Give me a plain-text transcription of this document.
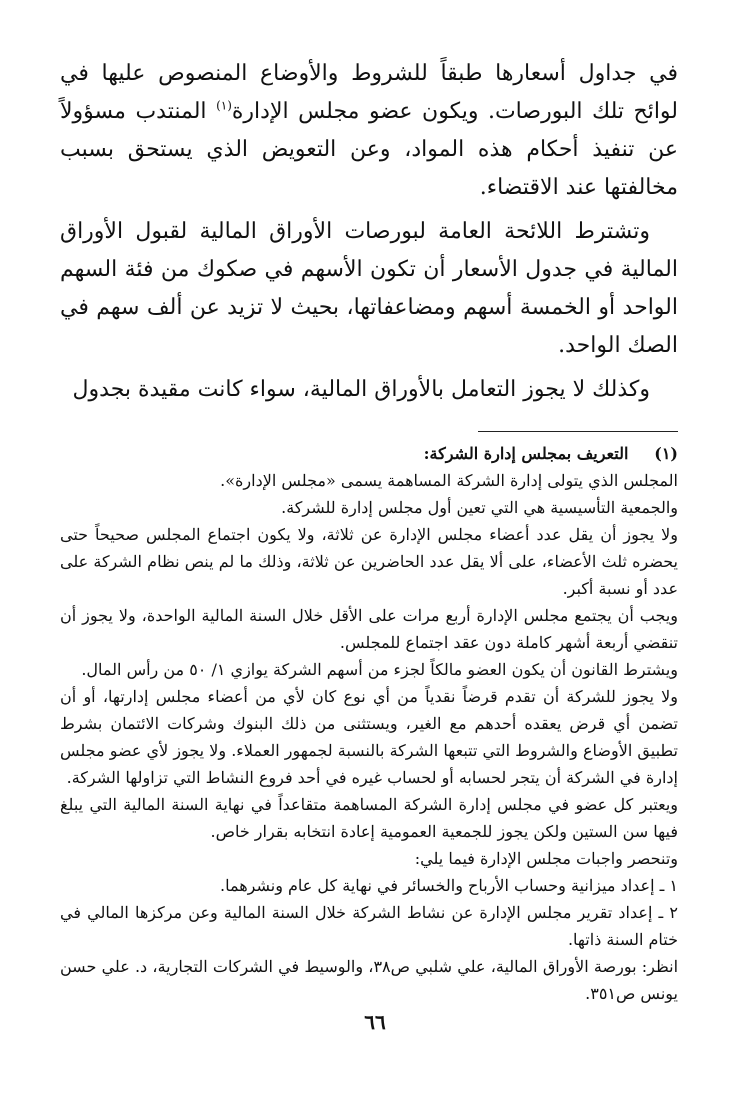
في جداول أسعارها طبقاً للشروط والأوضاع المنصوص عليها في لوائح تلك البورصات. ويكون عضو مجلس الإدارة$^{(١)}$ المنتدب مسؤولاً عن تنفيذ أحكام هذه المواد، وعن التعويض الذي يستحق بسبب مخالفتها عند الاقتضاء.

وتشترط اللائحة العامة لبورصات الأوراق المالية لقبول الأوراق المالية في جدول الأسعار أن تكون الأسهم في صكوك من فئة السهم الواحد أو الخمسة أسهم ومضاعفاتها، بحيث لا تزيد عن ألف سهم في الصك الواحد.

وكذلك لا يجوز التعامل بالأوراق المالية، سواء كانت مقيدة بجدول

(١) التعريف بمجلس إدارة الشركة:

المجلس الذي يتولى إدارة الشركة المساهمة يسمى «مجلس الإدارة».

والجمعية التأسيسية هي التي تعين أول مجلس إدارة للشركة.

ولا يجوز أن يقل عدد أعضاء مجلس الإدارة عن ثلاثة، ولا يكون اجتماع المجلس صحيحاً حتى يحضره ثلث الأعضاء، على ألا يقل عدد الحاضرين عن ثلاثة، وذلك ما لم ينص نظام الشركة على عدد أو نسبة أكبر.

ويجب أن يجتمع مجلس الإدارة أربع مرات على الأقل خلال السنة المالية الواحدة، ولا يجوز أن تنقضي أربعة أشهر كاملة دون عقد اجتماع للمجلس.

ويشترط القانون أن يكون العضو مالكاً لجزء من أسهم الشركة يوازي ١/ ٥٠ من رأس المال.

ولا يجوز للشركة أن تقدم قرضاً نقدياً من أي نوع كان لأي من أعضاء مجلس إدارتها، أو أن تضمن أي قرض يعقده أحدهم مع الغير، ويستثنى من ذلك البنوك وشركات الائتمان بشرط تطبيق الأوضاع والشروط التي تتبعها الشركة بالنسبة لجمهور العملاء. ولا يجوز لأي عضو مجلس إدارة في الشركة أن يتجر لحسابه أو لحساب غيره في أحد فروع النشاط التي تزاولها الشركة.

ويعتبر كل عضو في مجلس إدارة الشركة المساهمة متقاعداً في نهاية السنة المالية التي يبلغ فيها سن الستين ولكن يجوز للجمعية العمومية إعادة انتخابه بقرار خاص.

وتنحصر واجبات مجلس الإدارة فيما يلي:

١ ـ إعداد ميزانية وحساب الأرباح والخسائر في نهاية كل عام ونشرهما.

٢ ـ إعداد تقرير مجلس الإدارة عن نشاط الشركة خلال السنة المالية وعن مركزها المالي في ختام السنة ذاتها.

انظر: بورصة الأوراق المالية، علي شلبي ص٣٨، والوسيط في الشركات التجارية، د. علي حسن يونس ص٣٥١.

٦٦
